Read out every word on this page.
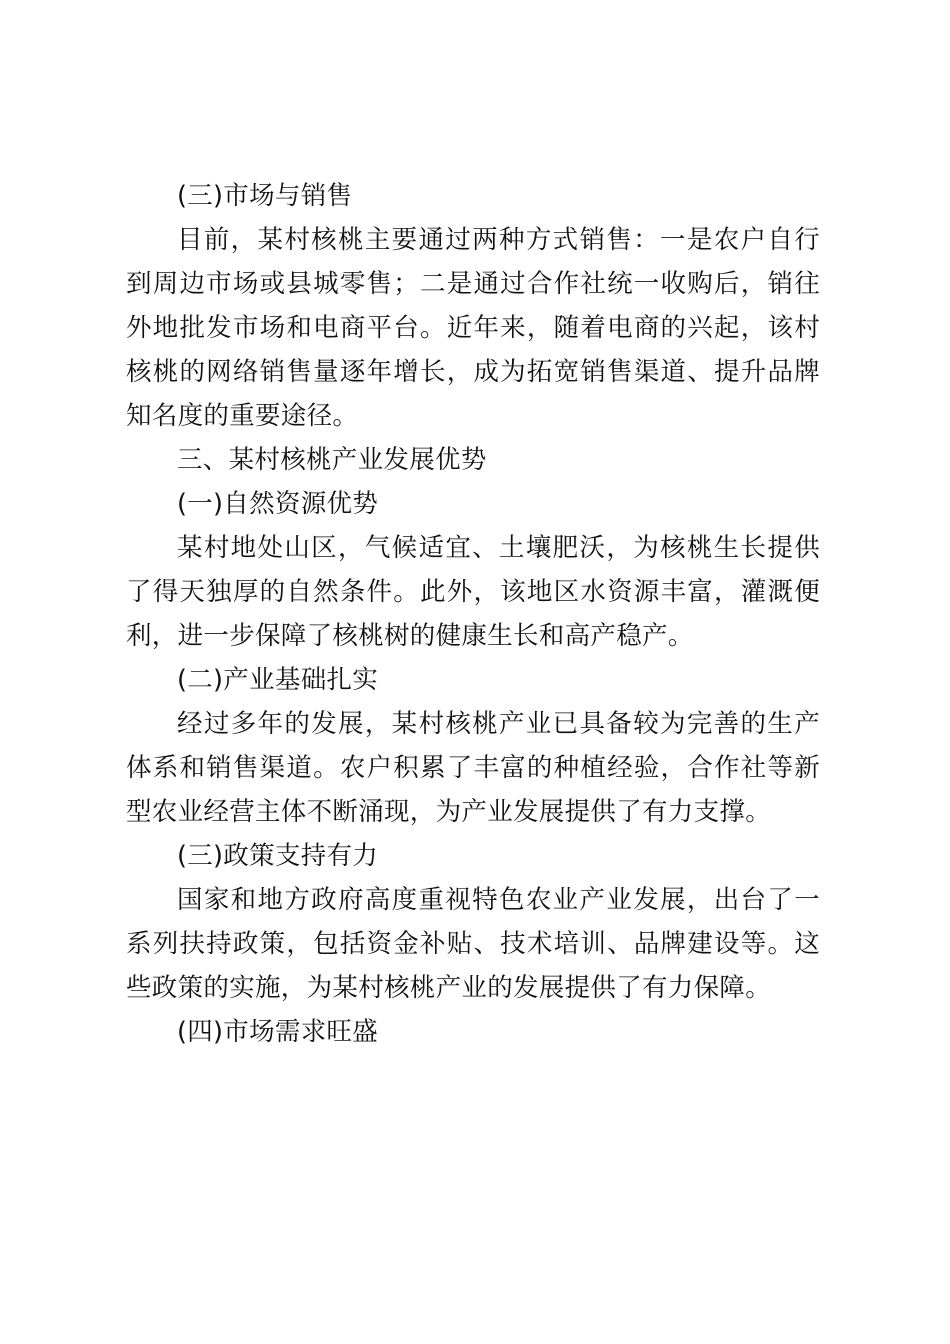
(三)市场与销售

目前，某村核桃主要通过两种方式销售：一是农户自行到周边市场或县城零售；二是通过合作社统一收购后，销往外地批发市场和电商平台。近年来，随着电商的兴起，该村核桃的网络销售量逐年增长，成为拓宽销售渠道、提升品牌知名度的重要途径。

三、某村核桃产业发展优势

(一)自然资源优势

某村地处山区，气候适宜、土壤肥沃，为核桃生长提供了得天独厚的自然条件。此外，该地区水资源丰富，灌溉便利，进一步保障了核桃树的健康生长和高产稳产。

(二)产业基础扎实

经过多年的发展，某村核桃产业已具备较为完善的生产体系和销售渠道。农户积累了丰富的种植经验，合作社等新型农业经营主体不断涌现，为产业发展提供了有力支撑。

(三)政策支持有力

国家和地方政府高度重视特色农业产业发展，出台了一系列扶持政策，包括资金补贴、技术培训、品牌建设等。这些政策的实施，为某村核桃产业的发展提供了有力保障。

(四)市场需求旺盛
